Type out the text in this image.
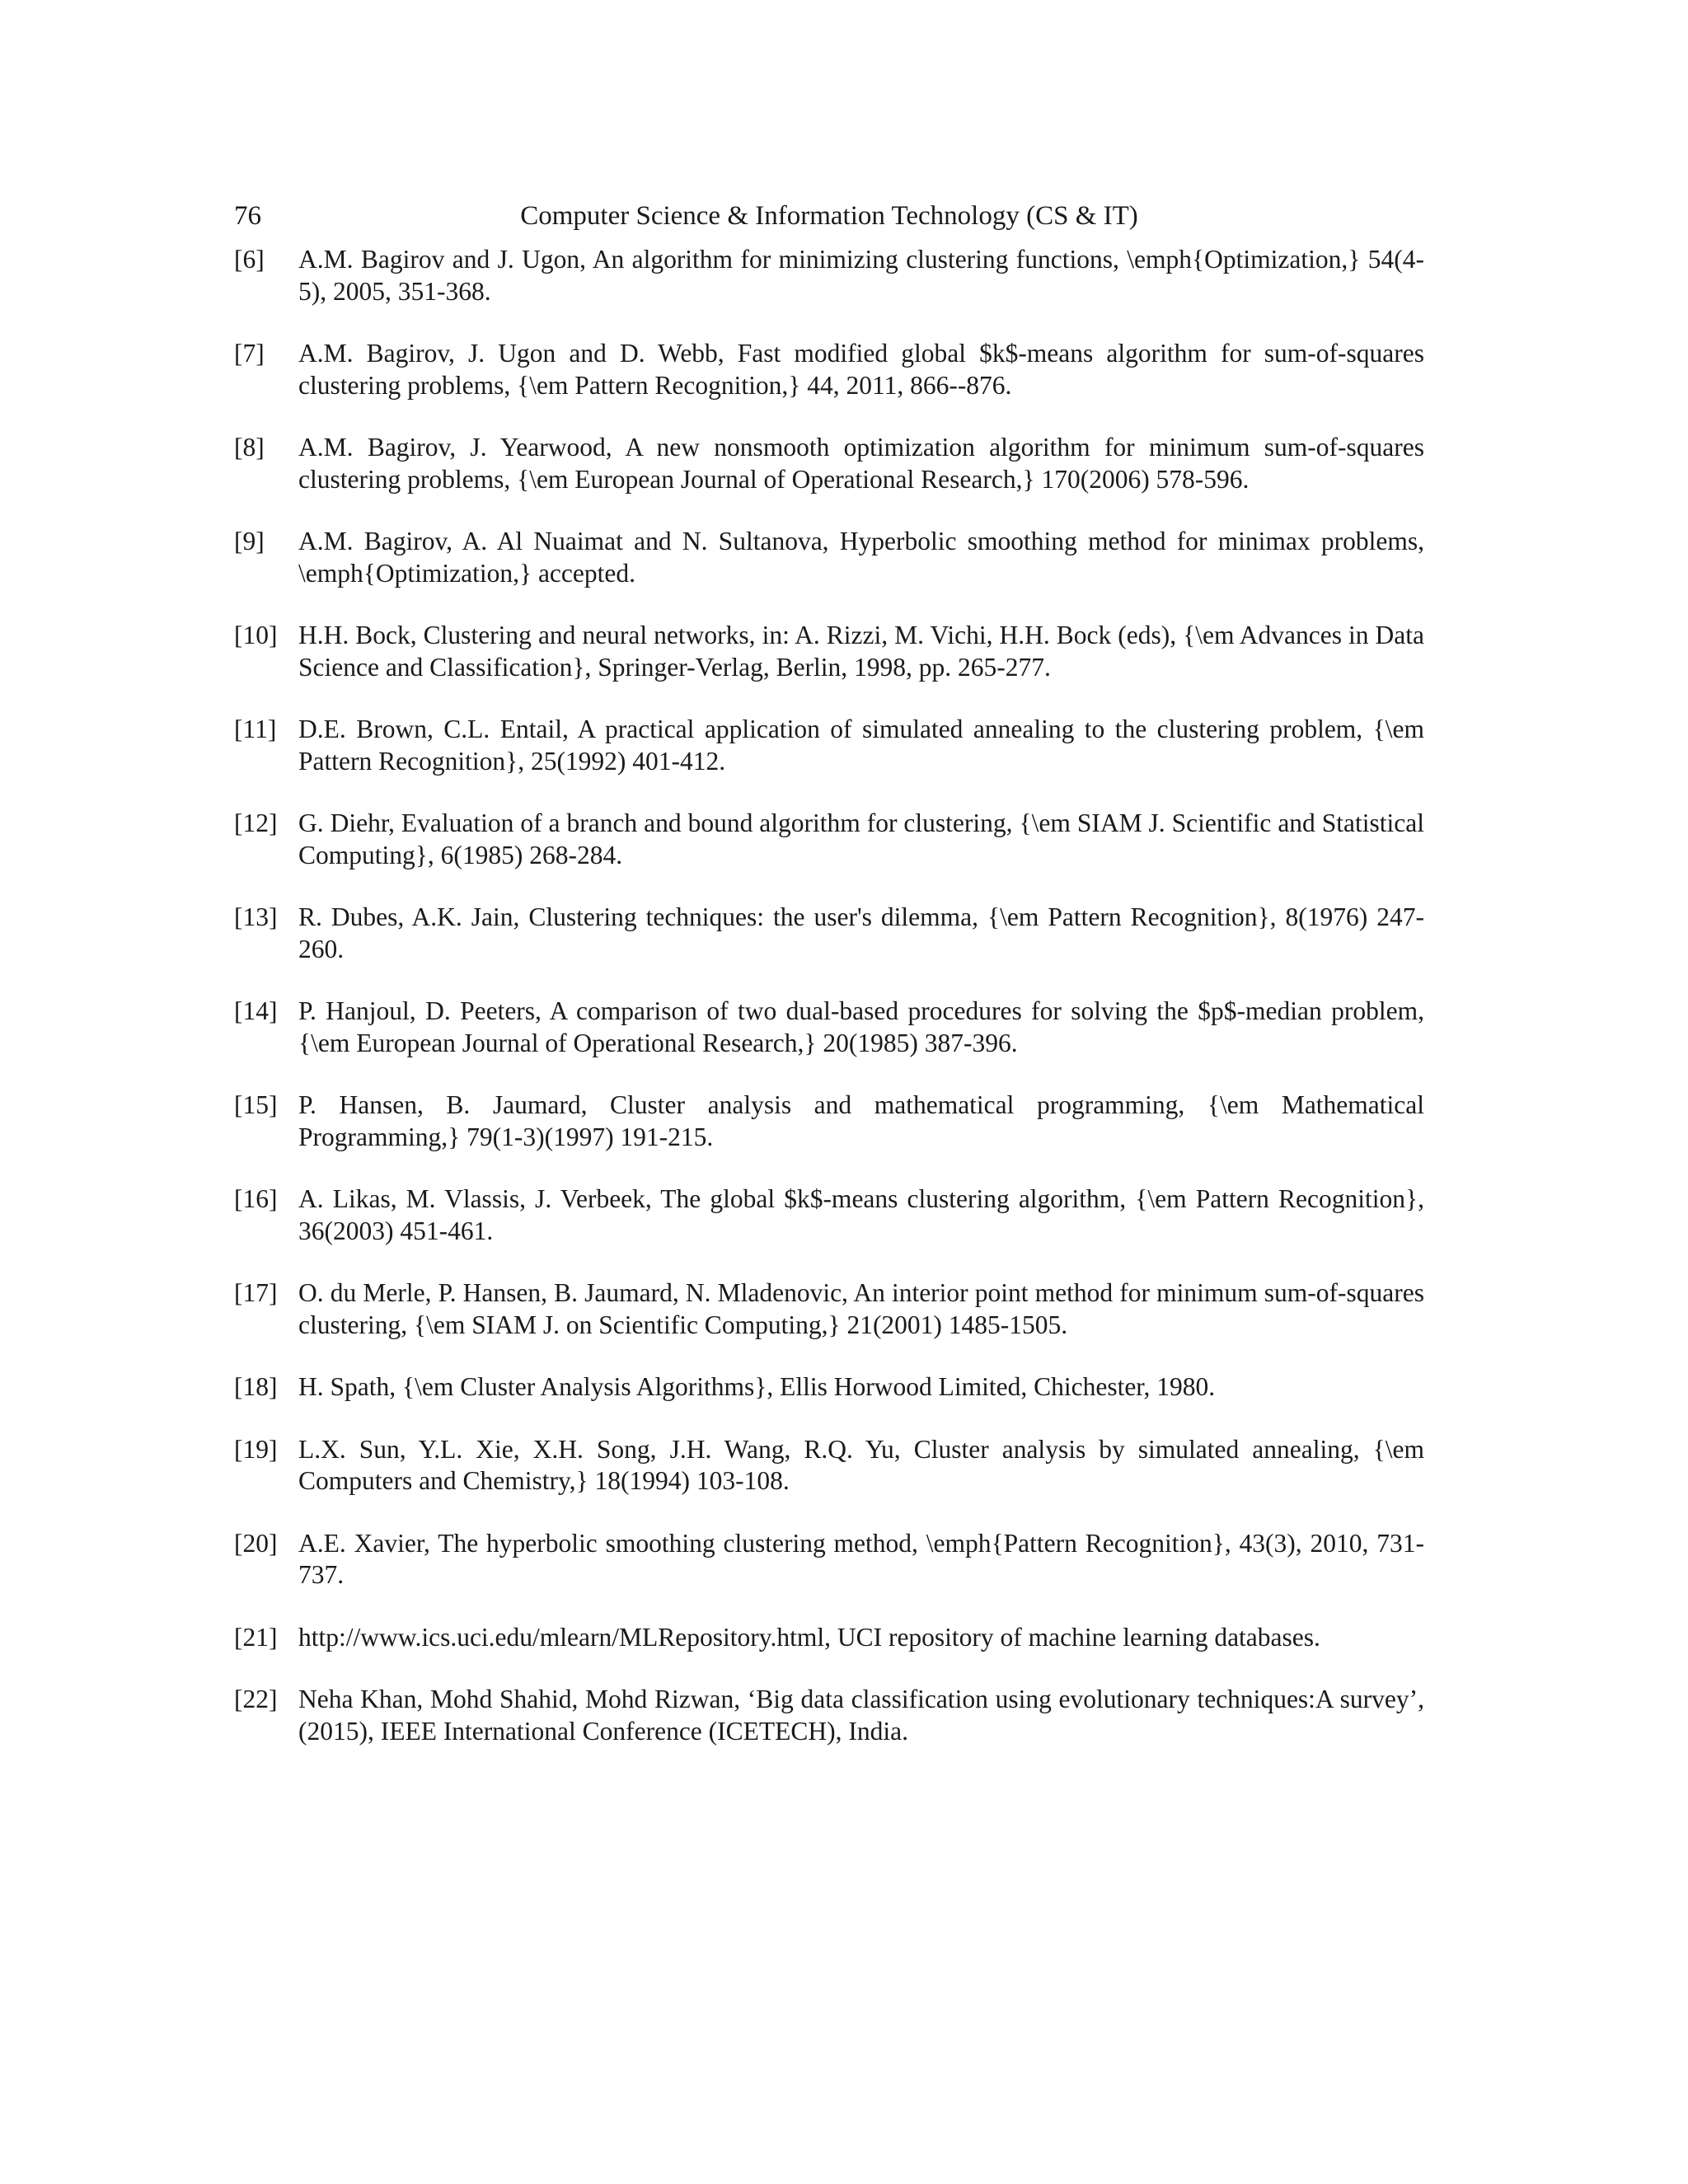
76	Computer Science & Information Technology (CS & IT)
[6]	A.M. Bagirov and J. Ugon, An algorithm for minimizing clustering functions, \emph{Optimization,} 54(4-5), 2005, 351-368.
[7]	A.M. Bagirov, J. Ugon and D. Webb, Fast modified global $k$-means algorithm for sum-of-squares clustering problems, {\em Pattern Recognition,} 44, 2011, 866--876.
[8]	A.M. Bagirov, J. Yearwood, A new nonsmooth optimization algorithm for minimum sum-of-squares clustering problems, {\em European Journal of Operational Research,} 170(2006) 578-596.
[9]	A.M. Bagirov, A. Al Nuaimat and N. Sultanova, Hyperbolic smoothing method for minimax problems, \emph{Optimization,} accepted.
[10] H.H. Bock, Clustering and neural networks, in: A. Rizzi, M. Vichi, H.H. Bock (eds), {\em Advances in Data Science and Classification}, Springer-Verlag, Berlin, 1998, pp. 265-277.
[11] D.E. Brown, C.L. Entail, A practical application of simulated annealing to the clustering problem, {\em Pattern Recognition}, 25(1992) 401-412.
[12] G. Diehr, Evaluation of a branch and bound algorithm for clustering, {\em SIAM J. Scientific and Statistical Computing}, 6(1985) 268-284.
[13] R. Dubes, A.K. Jain, Clustering techniques: the user's dilemma, {\em Pattern Recognition}, 8(1976) 247-260.
[14] P. Hanjoul, D. Peeters, A comparison of two dual-based procedures for solving the $p$-median problem, {\em European Journal of Operational Research,} 20(1985) 387-396.
[15] P. Hansen, B. Jaumard, Cluster analysis and mathematical programming, {\em Mathematical Programming,} 79(1-3)(1997) 191-215.
[16] A. Likas, M. Vlassis, J. Verbeek, The global $k$-means clustering algorithm, {\em Pattern Recognition}, 36(2003) 451-461.
[17] O. du Merle, P. Hansen, B. Jaumard, N. Mladenovic, An interior point method for minimum sum-of-squares clustering, {\em SIAM J. on Scientific Computing,} 21(2001) 1485-1505.
[18] H. Spath, {\em Cluster Analysis Algorithms}, Ellis Horwood Limited, Chichester, 1980.
[19] L.X. Sun, Y.L. Xie, X.H. Song, J.H. Wang, R.Q. Yu, Cluster analysis by simulated annealing, {\em Computers and Chemistry,} 18(1994) 103-108.
[20] A.E. Xavier, The hyperbolic smoothing clustering method, \emph{Pattern Recognition}, 43(3), 2010, 731-737.
[21] http://www.ics.uci.edu/mlearn/MLRepository.html, UCI repository of machine learning databases.
[22] Neha Khan, Mohd Shahid, Mohd Rizwan, ‘Big data classification using evolutionary techniques:A survey’,(2015), IEEE International Conference (ICETECH), India.
